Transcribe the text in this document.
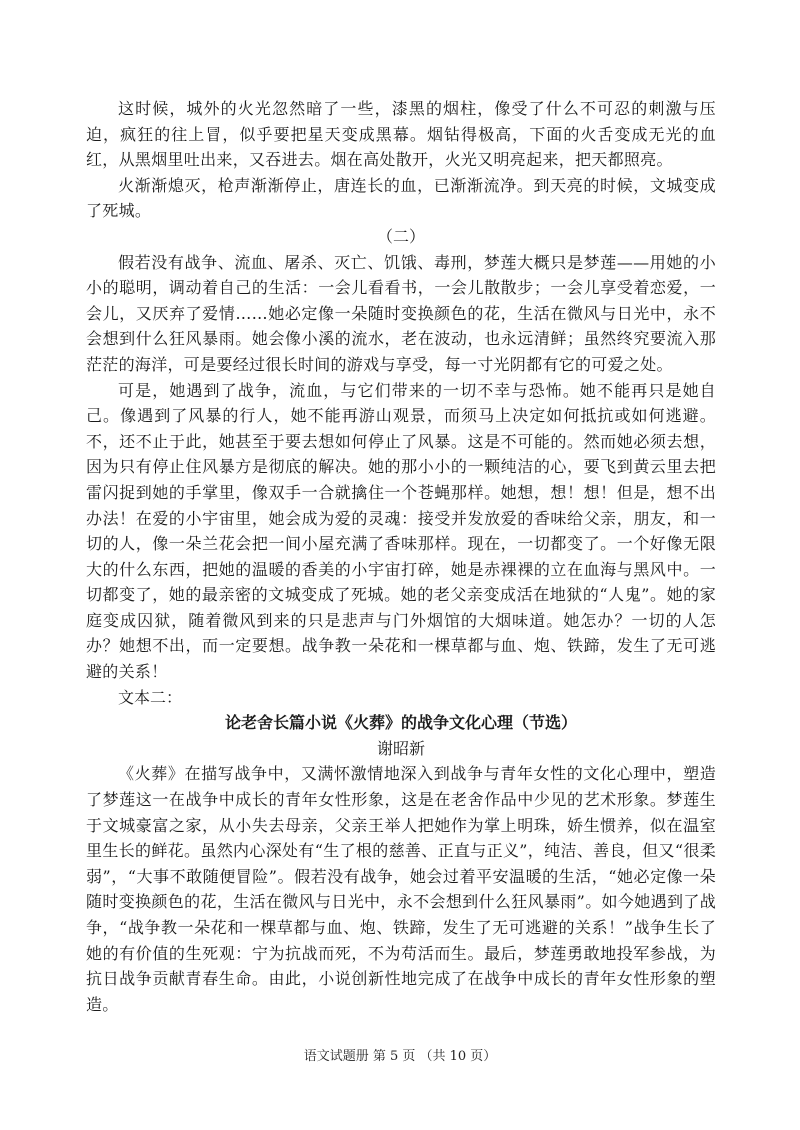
这时候，城外的火光忽然暗了一些，漆黑的烟柱，像受了什么不可忍的刺激与压迫，疯狂的往上冒，似乎要把星天变成黑幕。烟钻得极高，下面的火舌变成无光的血红，从黑烟里吐出来，又吞进去。烟在高处散开，火光又明亮起来，把天都照亮。

火渐渐熄灭，枪声渐渐停止，唐连长的血，已渐渐流净。到天亮的时候，文城变成了死城。

（二）

假若没有战争、流血、屠杀、灭亡、饥饿、毒刑，梦莲大概只是梦莲——用她的小小的聪明，调动着自己的生活：一会儿看看书，一会儿散散步；一会儿享受着恋爱，一会儿，又厌弃了爱情……她必定像一朵随时变换颜色的花，生活在微风与日光中，永不会想到什么狂风暴雨。她会像小溪的流水，老在波动，也永远清鲜；虽然终究要流入那茫茫的海洋，可是要经过很长时间的游戏与享受，每一寸光阴都有它的可爱之处。

可是，她遇到了战争，流血，与它们带来的一切不幸与恐怖。她不能再只是她自己。像遇到了风暴的行人，她不能再游山观景，而须马上决定如何抵抗或如何逃避。不，还不止于此，她甚至于要去想如何停止了风暴。这是不可能的。然而她必须去想，因为只有停止住风暴方是彻底的解决。她的那小小的一颗纯洁的心，要飞到黄云里去把雷闪捉到她的手掌里，像双手一合就擒住一个苍蝇那样。她想，想！想！但是，想不出办法！在爱的小宇宙里，她会成为爱的灵魂：接受并发放爱的香味给父亲，朋友，和一切的人，像一朵兰花会把一间小屋充满了香味那样。现在，一切都变了。一个好像无限大的什么东西，把她的温暖的香美的小宇宙打碎，她是赤裸裸的立在血海与黑风中。一切都变了，她的最亲密的文城变成了死城。她的老父亲变成活在地狱的“人鬼”。她的家庭变成囚狱，随着微风到来的只是悲声与门外烟馆的大烟味道。她怎办？一切的人怎办？她想不出，而一定要想。战争教一朵花和一棵草都与血、炮、铁蹄，发生了无可逃避的关系！

文本二：

论老舍长篇小说《火葬》的战争文化心理（节选）

谢昭新

《火葬》在描写战争中，又满怀激情地深入到战争与青年女性的文化心理中，塑造了梦莲这一在战争中成长的青年女性形象，这是在老舍作品中少见的艺术形象。梦莲生于文城豪富之家，从小失去母亲，父亲王举人把她作为掌上明珠，娇生惯养，似在温室里生长的鲜花。虽然内心深处有“生了根的慈善、正直与正义”，纯洁、善良，但又“很柔弱”，“大事不敢随便冒险”。假若没有战争，她会过着平安温暖的生活，“她必定像一朵随时变换颜色的花，生活在微风与日光中，永不会想到什么狂风暴雨”。如今她遇到了战争，“战争教一朵花和一棵草都与血、炮、铁蹄，发生了无可逃避的关系！”战争生长了她的有价值的生死观：宁为抗战而死，不为苟活而生。最后，梦莲勇敢地投军参战，为抗日战争贡献青春生命。由此，小说创新性地完成了在战争中成长的青年女性形象的塑造。

语文试题册 第 5 页 （共 10 页）
